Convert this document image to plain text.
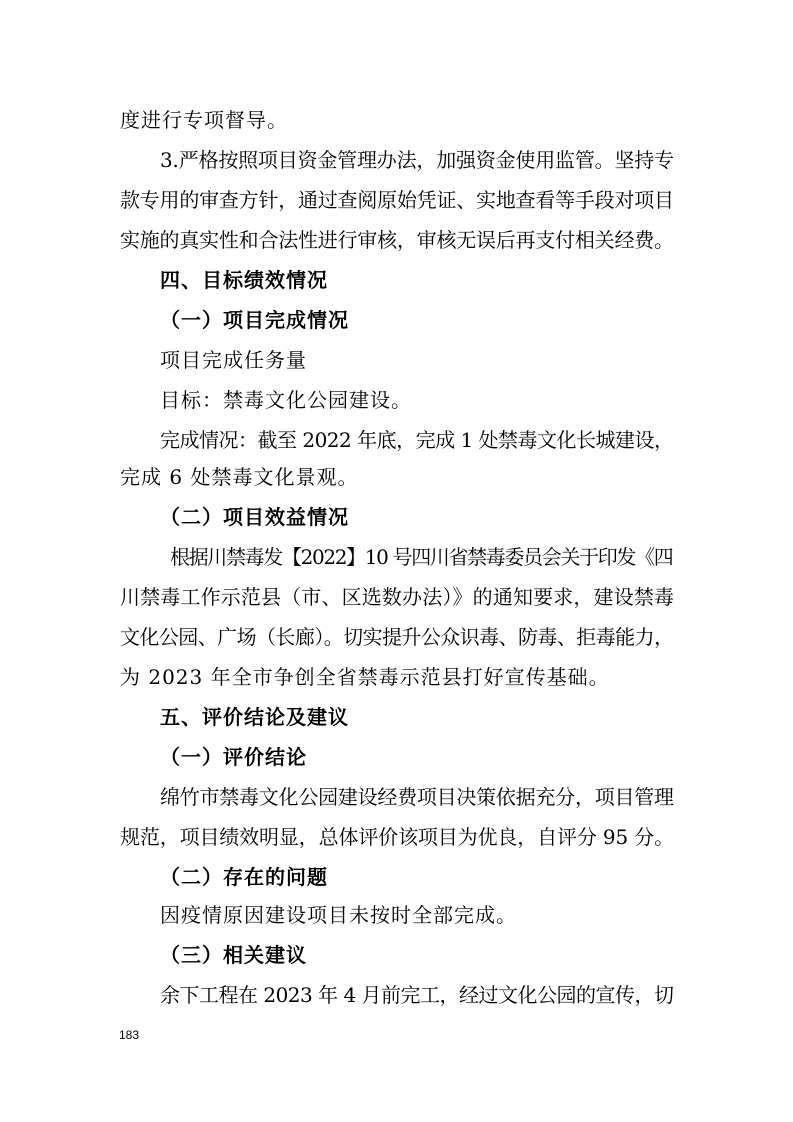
度进行专项督导。
3.严格按照项目资金管理办法，加强资金使用监管。坚持专
款专用的审查方针，通过查阅原始凭证、实地查看等手段对项目
实施的真实性和合法性进行审核，审核无误后再支付相关经费。
四、目标绩效情况
（一）项目完成情况
项目完成任务量
目标：禁毒文化公园建设。
完成情况：截至 2022 年底，完成 1 处禁毒文化长城建设，
完成 6 处禁毒文化景观。
（二）项目效益情况
根据川禁毒发【2022】10 号四川省禁毒委员会关于印发《四
川禁毒工作示范县（市、区选数办法）》的通知要求，建设禁毒
文化公园、广场（长廊）。切实提升公众识毒、防毒、拒毒能力，
为 2023 年全市争创全省禁毒示范县打好宣传基础。
五、评价结论及建议
（一）评价结论
绵竹市禁毒文化公园建设经费项目决策依据充分，项目管理
规范，项目绩效明显，总体评价该项目为优良，自评分 95 分。
（二）存在的问题
因疫情原因建设项目未按时全部完成。
（三）相关建议
余下工程在 2023 年 4 月前完工，经过文化公园的宣传，切
183
